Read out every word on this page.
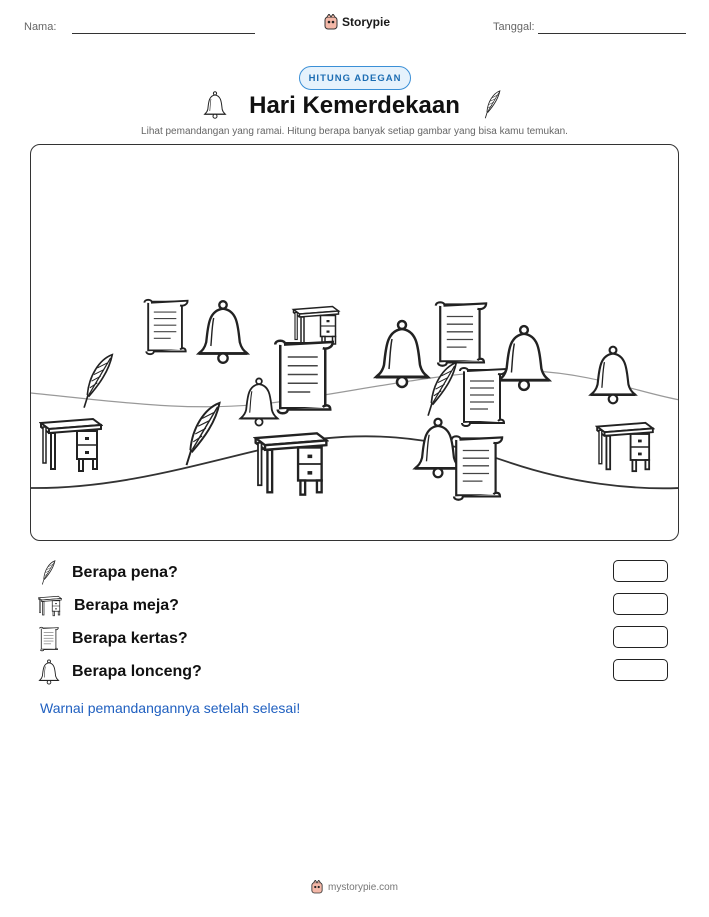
Nama:	Storypie	Tanggal:
HITUNG ADEGAN
Hari Kemerdekaan
Lihat pemandangan yang ramai. Hitung berapa banyak setiap gambar yang bisa kamu temukan.
Berapa pena?
Berapa meja?
Berapa kertas?
Berapa lonceng?
Warnai pemandangannya setelah selesai!
mystorypie.com
